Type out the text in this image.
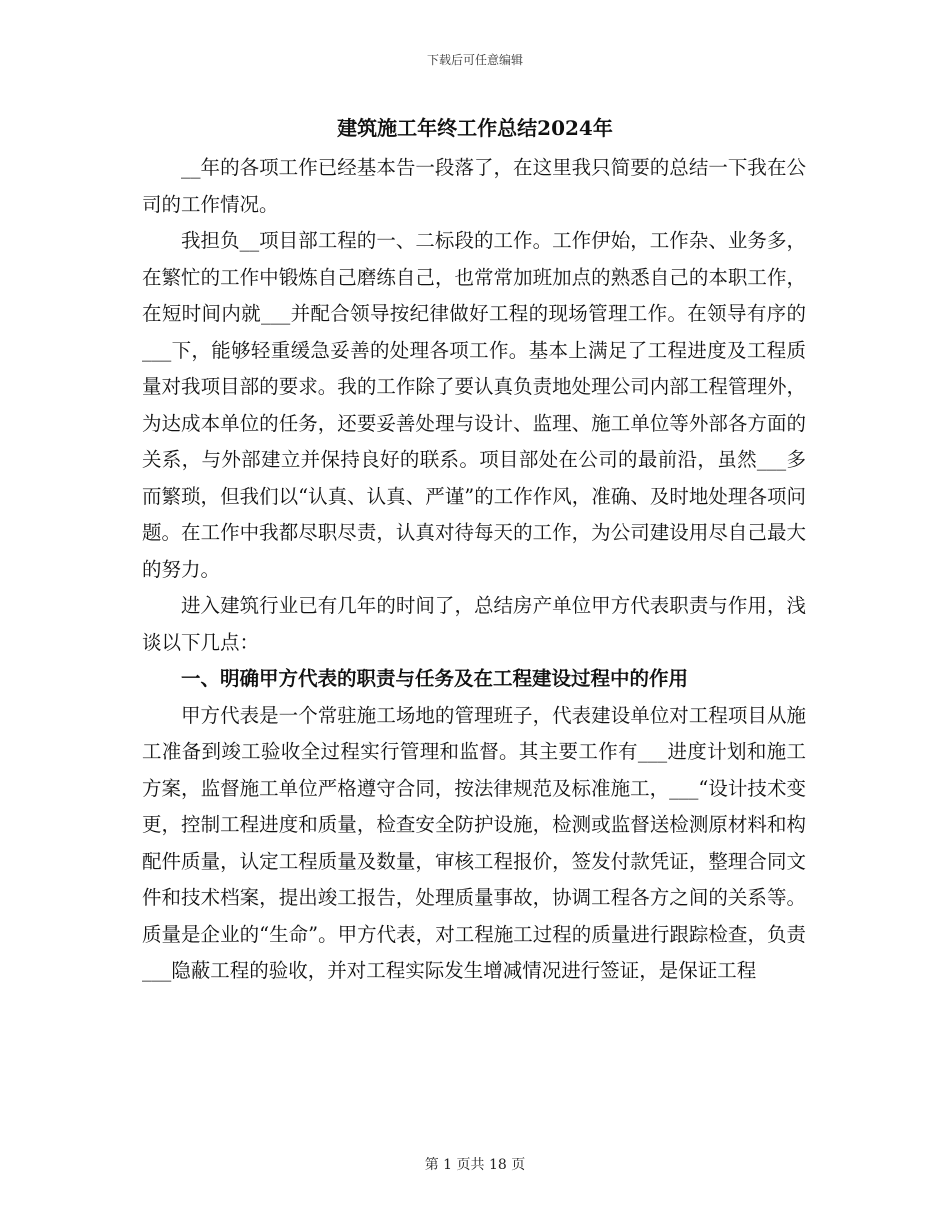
下载后可任意编辑
建筑施工年终工作总结2024年

__年的各项工作已经基本告一段落了，在这里我只简要的总结一下我在公司的工作情况。

我担负__项目部工程的一、二标段的工作。工作伊始，工作杂、业务多，在繁忙的工作中锻炼自己磨练自己，也常常加班加点的熟悉自己的本职工作，在短时间内就___并配合领导按纪律做好工程的现场管理工作。在领导有序的___下，能够轻重缓急妥善的处理各项工作。基本上满足了工程进度及工程质量对我项目部的要求。我的工作除了要认真负责地处理公司内部工程管理外，为达成本单位的任务，还要妥善处理与设计、监理、施工单位等外部各方面的关系，与外部建立并保持良好的联系。项目部处在公司的最前沿，虽然___多而繁琐，但我们以“认真、认真、严谨”的工作作风，准确、及时地处理各项问题。在工作中我都尽职尽责，认真对待每天的工作，为公司建设用尽自己最大的努力。

进入建筑行业已有几年的时间了，总结房产单位甲方代表职责与作用，浅谈以下几点：

一、明确甲方代表的职责与任务及在工程建设过程中的作用

甲方代表是一个常驻施工场地的管理班子，代表建设单位对工程项目从施工准备到竣工验收全过程实行管理和监督。其主要工作有___进度计划和施工方案，监督施工单位严格遵守合同，按法律规范及标准施工，___“设计技术变更，控制工程进度和质量，检查安全防护设施，检测或监督送检测原材料和构配件质量，认定工程质量及数量，审核工程报价，签发付款凭证，整理合同文件和技术档案，提出竣工报告，处理质量事故，协调工程各方之间的关系等。质量是企业的“生命”。甲方代表，对工程施工过程的质量进行跟踪检查，负责___隐蔽工程的验收，并对工程实际发生增减情况进行签证，是保证工程

第 1 页共 18 页
